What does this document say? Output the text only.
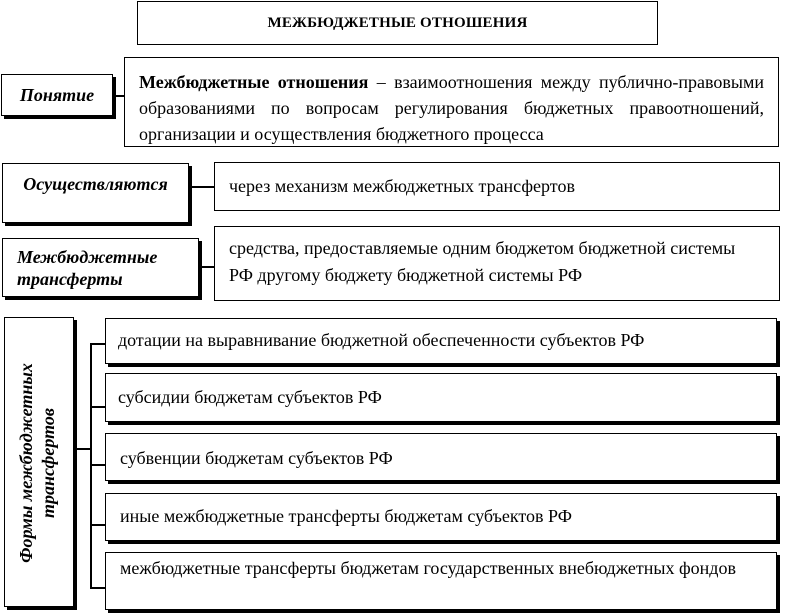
МЕЖБЮДЖЕТНЫЕ ОТНОШЕНИЯ
Понятие
Межбюджетные отношения – взаимоотношения между публично-правовыми образованиями по вопросам регулирования бюджетных правоотношений, организации и осуществления бюджетного процесса
Осуществляются	через механизм межбюджетных трансфертов
Межбюджетные
трансферты
средства, предоставляемые одним бюджетом бюджетной системы РФ другому бюджету бюджетной системы РФ
Формы межбюджетных трансфертов
дотации на выравнивание бюджетной обеспеченности субъектов РФ
субсидии бюджетам субъектов РФ
субвенции бюджетам субъектов РФ
иные межбюджетные трансферты бюджетам субъектов РФ
межбюджетные трансферты бюджетам государственных внебюджетных фондов
